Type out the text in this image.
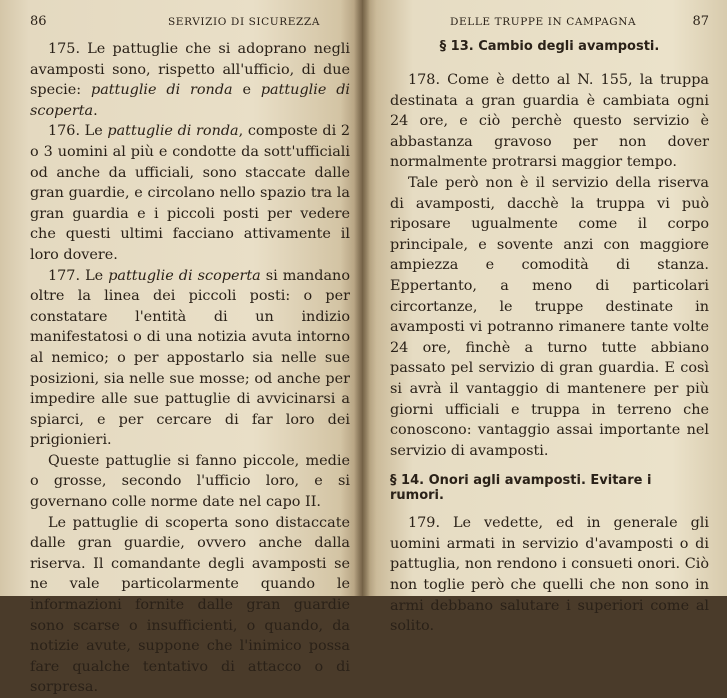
86	SERVIZIO DI SICUREZZA

175. Le pattuglie che si adoprano negli avamposti sono, rispetto all'ufficio, di due specie: pattuglie di ronda e pattuglie di scoperta.

176. Le pattuglie di ronda, composte di 2 o 3 uomini al più e condotte da sott'ufficiali od anche da ufficiali, sono staccate dalle gran guardie, e circolano nello spazio tra la gran guardia e i piccoli posti per vedere che questi ultimi facciano attivamente il loro dovere.

177. Le pattuglie di scoperta si mandano oltre la linea dei piccoli posti: o per constatare l'entità di un indizio manifestatosi o di una notizia avuta intorno al nemico; o per appostarlo sia nelle sue posizioni, sia nelle sue mosse; od anche per impedire alle sue pattuglie di avvicinarsi a spiarci, e per cercare di far loro dei prigionieri.

Queste pattuglie si fanno piccole, medie o grosse, secondo l'ufficio loro, e si governano colle norme date nel capo II.

Le pattuglie di scoperta sono distaccate dalle gran guardie, ovvero anche dalla riserva. Il comandante degli avamposti se ne vale particolarmente quando le informazioni fornite dalle gran guardie sono scarse o insufficienti, o quando, da notizie avute, suppone che l'inimico possa fare qualche tentativo di attacco o di sorpresa.

DELLE TRUPPE IN CAMPAGNA	87
§ 13. Cambio degli avamposti.

178. Come è detto al N. 155, la truppa destinata a gran guardia è cambiata ogni 24 ore, e ciò perchè questo servizio è abbastanza gravoso per non dover normalmente protrarsi maggior tempo.

Tale però non è il servizio della riserva di avamposti, dacchè la truppa vi può riposare ugualmente come il corpo principale, e sovente anzi con maggiore ampiezza e comodità di stanza. Eppertanto, a meno di particolari circortanze, le truppe destinate in avamposti vi potranno rimanere tante volte 24 ore, finchè a turno tutte abbiano passato pel servizio di gran guardia. E così si avrà il vantaggio di mantenere per più giorni ufficiali e truppa in terreno che conoscono: vantaggio assai importante nel servizio di avamposti.

§ 14. Onori agli avamposti. Evitare i rumori.

179. Le vedette, ed in generale gli uomini armati in servizio d'avamposti o di pattuglia, non rendono i consueti onori. Ciò non toglie però che quelli che non sono in armi debbano salutare i superiori come al solito.
